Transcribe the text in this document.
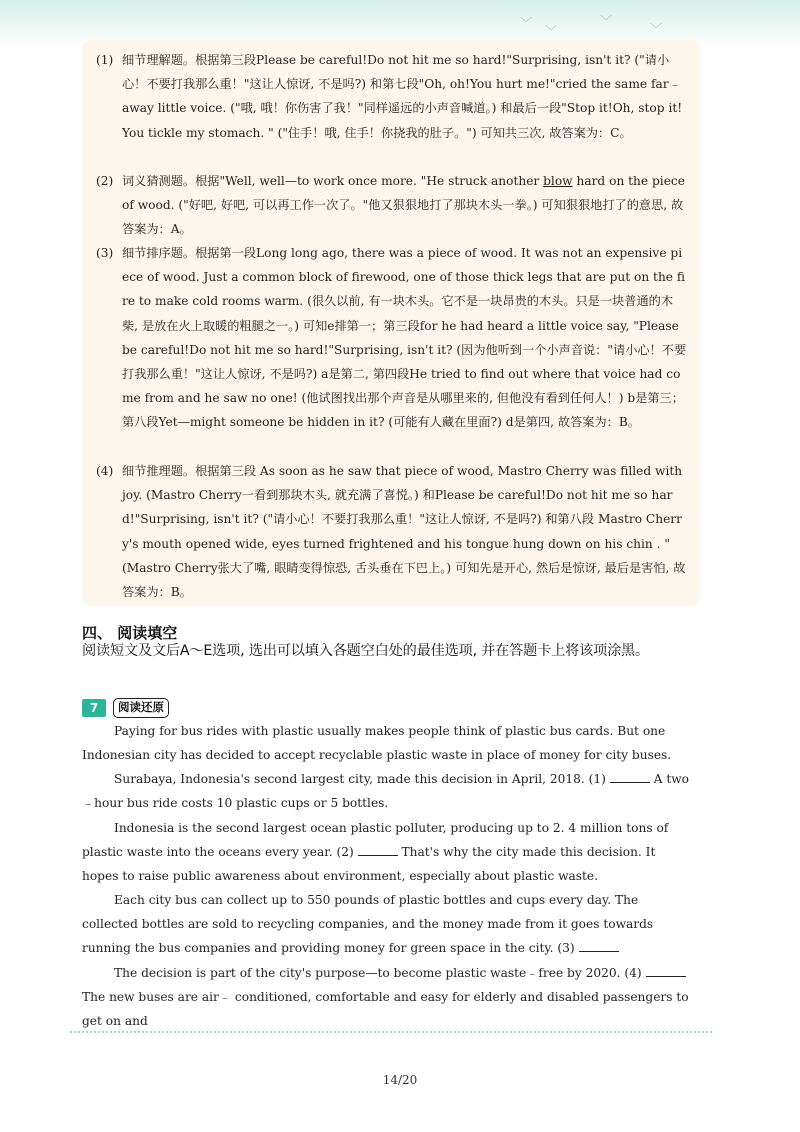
﹀
﹀
﹀
﹀
(1) 细节理解题。根据第三段Please be careful!Do not hit me so hard!"Surprising, isn't it? ("请小心！不要打我那么重！"这让人惊讶, 不是吗?) 和第七段"Oh, oh!You hurt me!"cried the same far﹣away little voice. ("哦, 哦！你伤害了我！"同样遥远的小声音喊道。) 和最后一段"Stop it!Oh, stop it!You tickle my stomach. " ("住手！哦, 住手！你挠我的肚子。") 可知共三次, 故答案为：C。
(2) 词义猜测题。根据"Well, well—to work once more. "He struck another blow hard on the piece of wood. ("好吧, 好吧, 可以再工作一次了。"他又狠狠地打了那块木头一拳。) 可知狠狠地打了的意思, 故答案为：A。
(3) 细节排序题。根据第一段Long long ago, there was a piece of wood. It was not an expensive piece of wood. Just a common block of firewood, one of those thick legs that are put on the fire to make cold rooms warm. (很久以前, 有一块木头。它不是一块昂贵的木头。只是一块普通的木柴, 是放在火上取暖的粗腿之一。) 可知e排第一；第三段for he had heard a little voice say, "Please be careful!Do not hit me so hard!"Surprising, isn't it? (因为他听到一个小声音说："请小心！不要打我那么重！"这让人惊讶, 不是吗?) a是第二, 第四段He tried to find out where that voice had come from and he saw no one! (他试图找出那个声音是从哪里来的, 但他没有看到任何人！) b是第三；第八段Yet—might someone be hidden in it? (可能有人藏在里面?) d是第四, 故答案为：B。
(4) 细节推理题。根据第三段 As soon as he saw that piece of wood, Mastro Cherry was filled with joy. (Mastro Cherry一看到那块木头, 就充满了喜悦。) 和Please be careful!Do not hit me so hard!"Surprising, isn't it? ("请小心！不要打我那么重！"这让人惊讶, 不是吗?) 和第八段 Mastro Cherry's mouth opened wide, eyes turned frightened and his tongue hung down on his chin . " (Mastro Cherry张大了嘴, 眼睛变得惊恐, 舌头垂在下巴上。) 可知先是开心, 然后是惊讶, 最后是害怕, 故答案为：B。
四、 阅读填空
阅读短文及文后A～E选项, 选出可以填入各题空白处的最佳选项, 并在答题卡上将该项涂黑。
7	阅读还原
Paying for bus rides with plastic usually makes people think of plastic bus cards. But one Indonesian city has decided to accept recyclable plastic waste in place of money for city buses.
Surabaya, Indonesia's second largest city, made this decision in April, 2018. (1)	A two﹣hour bus ride costs 10 plastic cups or 5 bottles.
Indonesia is the second largest ocean plastic polluter, producing up to 2. 4 million tons of plastic waste into the oceans every year. (2)	That's why the city made this decision. It hopes to raise public awareness about environment, especially about plastic waste.
Each city bus can collect up to 550 pounds of plastic bottles and cups every day. The collected bottles are sold to recycling companies, and the money made from it goes towards running the bus companies and providing money for green space in the city. (3)
The decision is part of the city's purpose—to become plastic waste﹣free by 2020. (4)  The new buses are air﹣ conditioned, comfortable and easy for elderly and disabled passengers to get on and
14/20
